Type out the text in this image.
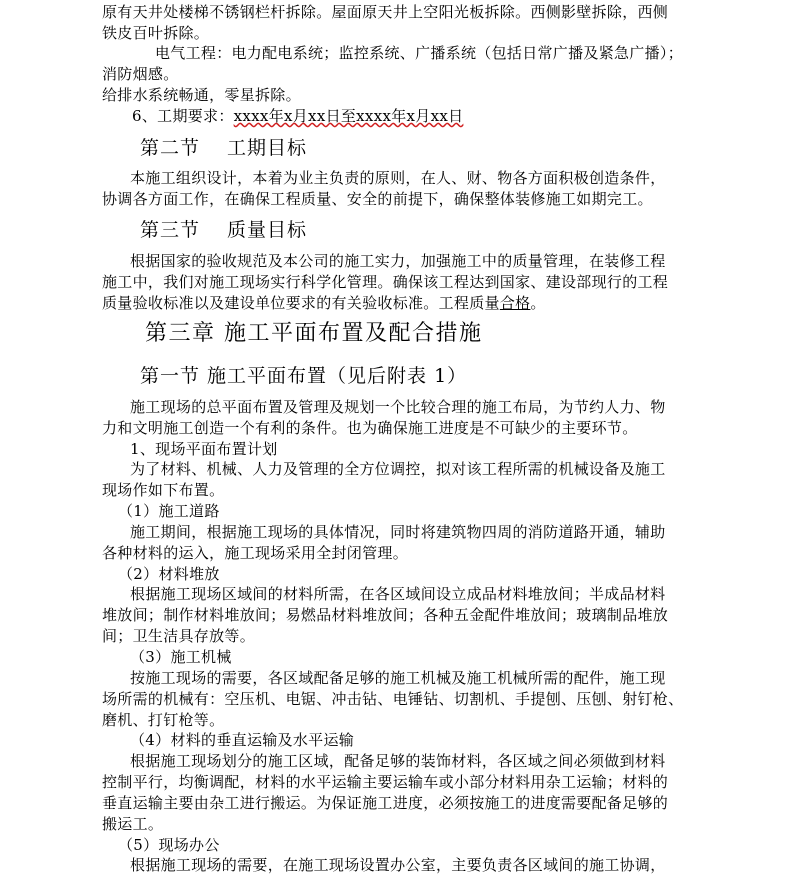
原有天井处楼梯不锈钢栏杆拆除。屋面原天井上空阳光板拆除。西侧影壁拆除，西侧
铁皮百叶拆除。
电气工程：电力配电系统；监控系统、广播系统（包括日常广播及紧急广播）；
消防烟感。
给排水系统畅通，零星拆除。
6、工期要求：xxxx年x月xx日至xxxx年x月xx日
第二节　 工期目标
本施工组织设计，本着为业主负责的原则，在人、财、物各方面积极创造条件，
协调各方面工作，在确保工程质量、安全的前提下，确保整体装修施工如期完工。
第三节　 质量目标
根据国家的验收规范及本公司的施工实力，加强施工中的质量管理，在装修工程
施工中，我们对施工现场实行科学化管理。确保该工程达到国家、建设部现行的工程
质量验收标准以及建设单位要求的有关验收标准。工程质量合格。
第三章 施工平面布置及配合措施
第一节 施工平面布置（见后附表 1）
施工现场的总平面布置及管理及规划一个比较合理的施工布局，为节约人力、物
力和文明施工创造一个有利的条件。也为确保施工进度是不可缺少的主要环节。
1、现场平面布置计划
为了材料、机械、人力及管理的全方位调控，拟对该工程所需的机械设备及施工
现场作如下布置。
（1）施工道路
施工期间，根据施工现场的具体情况，同时将建筑物四周的消防道路开通，辅助
各种材料的运入，施工现场采用全封闭管理。
（2）材料堆放
根据施工现场区域间的材料所需，在各区域间设立成品材料堆放间；半成品材料
堆放间；制作材料堆放间；易燃品材料堆放间；各种五金配件堆放间；玻璃制品堆放
间；卫生洁具存放等。
（3）施工机械
按施工现场的需要，各区域配备足够的施工机械及施工机械所需的配件，施工现
场所需的机械有：空压机、电锯、冲击钻、电锤钻、切割机、手提刨、压刨、射钉枪、
磨机、打钉枪等。
（4）材料的垂直运输及水平运输
根据施工现场划分的施工区域，配备足够的装饰材料，各区域之间必须做到材料
控制平行，均衡调配，材料的水平运输主要运输车或小部分材料用杂工运输；材料的
垂直运输主要由杂工进行搬运。为保证施工进度，必须按施工的进度需要配备足够的
搬运工。
（5）现场办公
根据施工现场的需要，在施工现场设置办公室，主要负责各区域间的施工协调，
